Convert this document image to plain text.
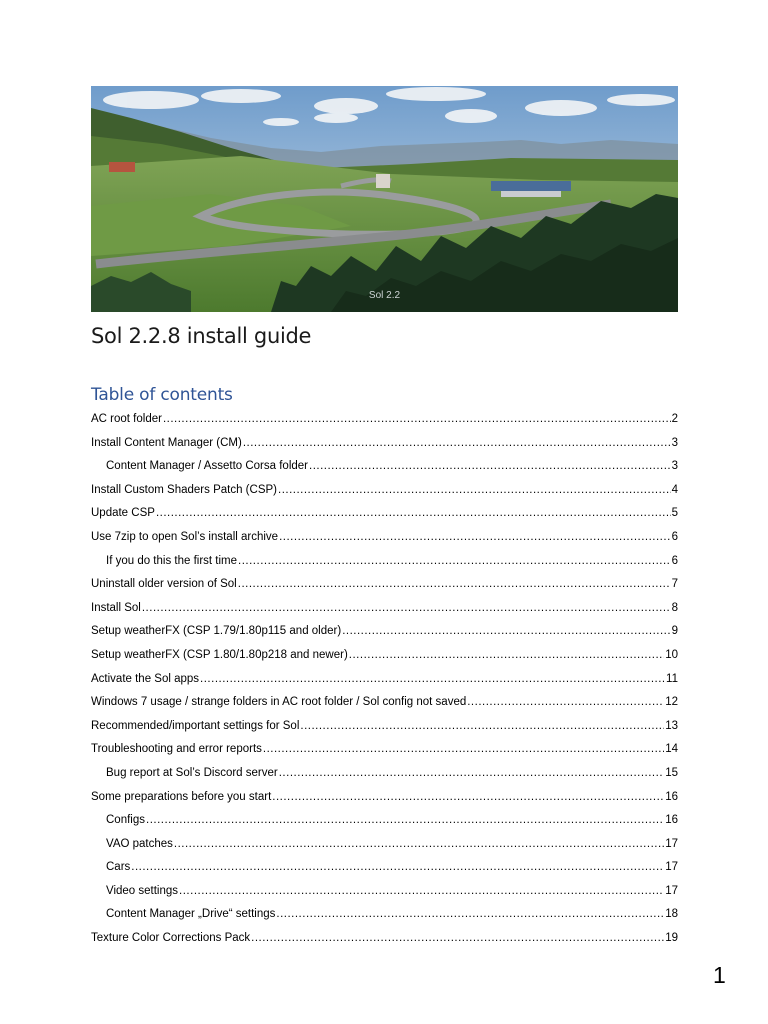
Sol 2.2
Sol 2.2.8 install guide
Table of contents
AC root folder .....	2
Install Content Manager (CM) .....	3
Content Manager / Assetto Corsa folder .....	3
Install Custom Shaders Patch (CSP) .....	4
Update CSP .....	5
Use 7zip to open Sol’s install archive .....	6
If you do this the first time .....	6
Uninstall older version of Sol .....	7
Install Sol .....	8
Setup weatherFX (CSP 1.79/1.80p115 and older) .....	9
Setup weatherFX (CSP 1.80/1.80p218 and newer) .....	10
Activate the Sol apps .....	11
Windows 7 usage / strange folders in AC root folder / Sol config not saved .....	12
Recommended/important settings for Sol .....	13
Troubleshooting and error reports .....	14
Bug report at Sol’s Discord server .....	15
Some preparations before you start .....	16
Configs .....	16
VAO patches .....	17
Cars .....	17
Video settings .....	17
Content Manager „Drive“ settings .....	18
Texture Color Corrections Pack .....	19
1
